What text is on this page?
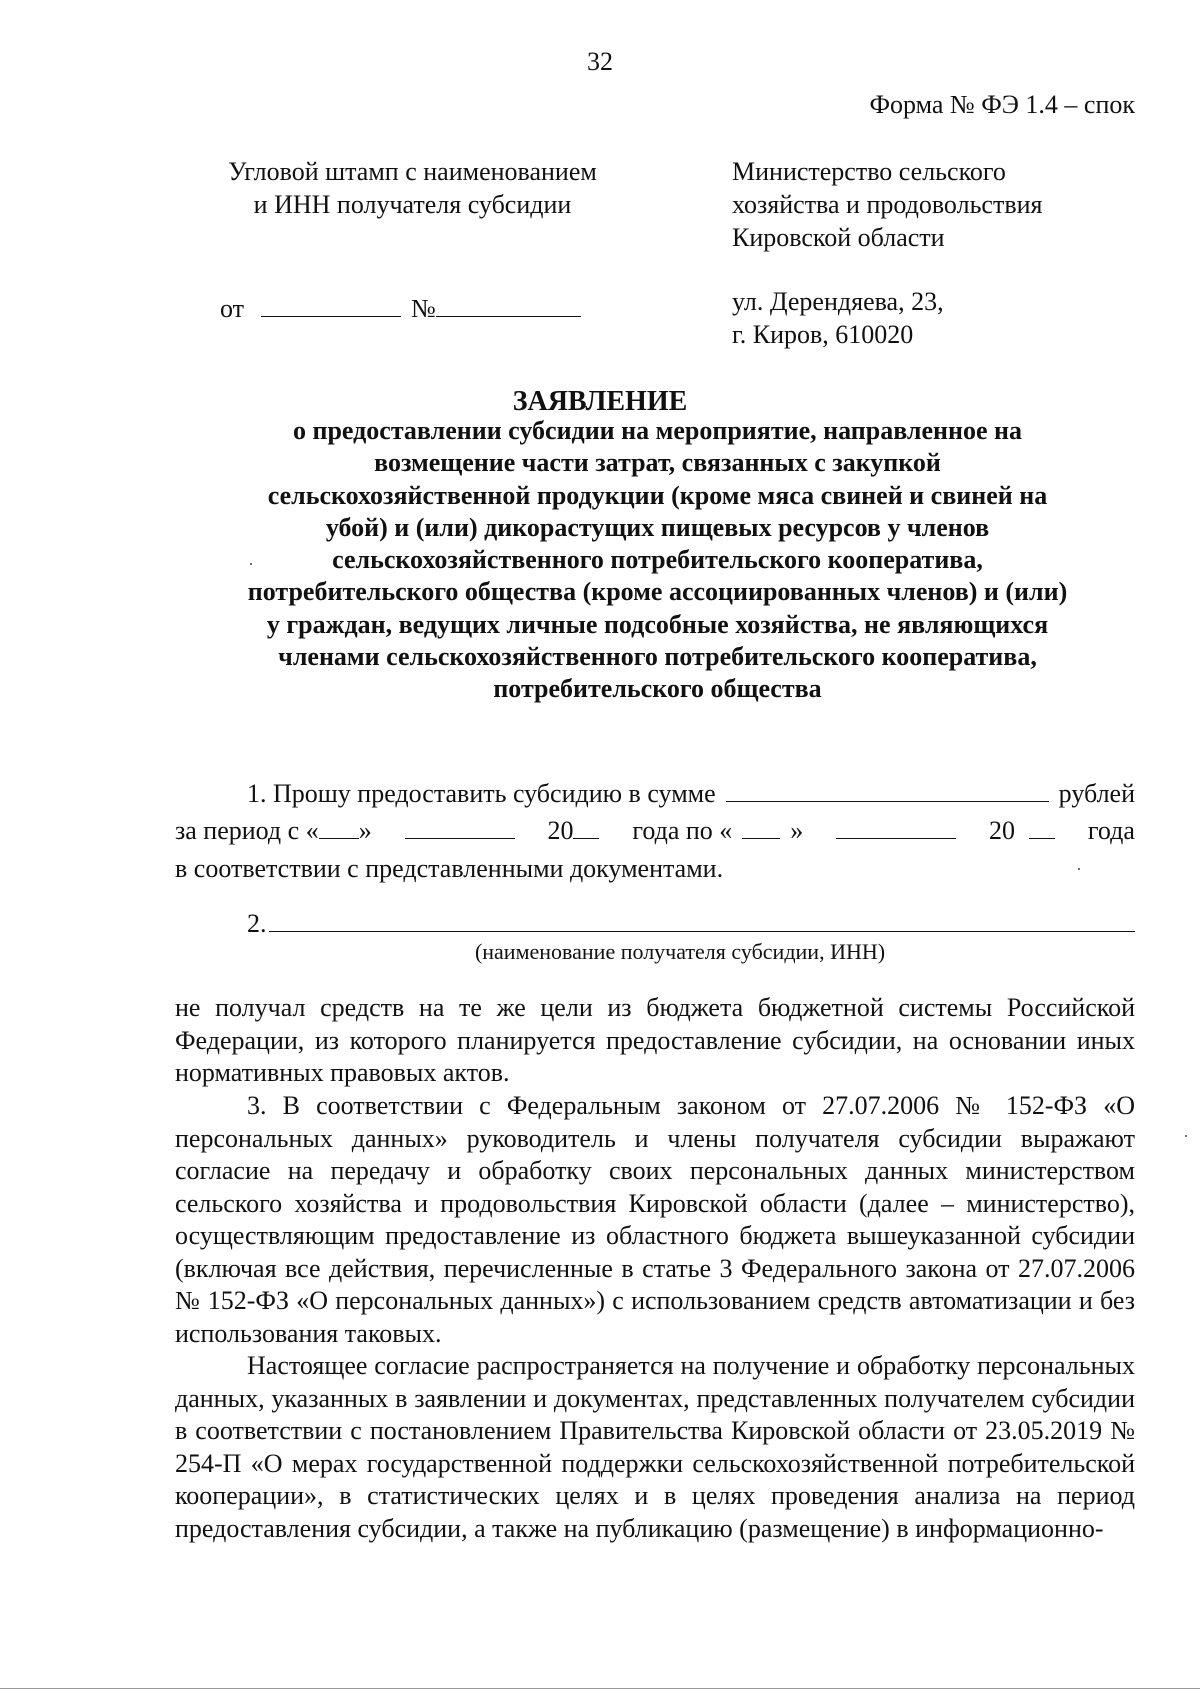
32
Форма № ФЭ 1.4 – спок
Угловой штамп с наименованием
и ИНН получателя субсидии
Министерство сельского
хозяйства и продовольствия
Кировской области
ул. Дерендяева, 23,
г. Киров, 610020
от	№
ЗАЯВЛЕНИЕ
о предоставлении субсидии на мероприятие, направленное на возмещение части затрат, связанных с закупкой сельскохозяйственной продукции (кроме мяса свиней и свиней на убой) и (или) дикорастущих пищевых ресурсов у членов сельскохозяйственного потребительского кооператива, потребительского общества (кроме ассоциированных членов) и (или) у граждан, ведущих личные подсобные хозяйства, не являющихся членами сельскохозяйственного потребительского кооператива, потребительского общества
1. Прошу предоставить субсидию в сумме	рублей
за период с « »	20	года по « »	20	года
в соответствии с представленными документами.
2.
(наименование получателя субсидии, ИНН)
не получал средств на те же цели из бюджета бюджетной системы Российской Федерации, из которого планируется предоставление субсидии, на основании иных нормативных правовых актов.
3. В соответствии с Федеральным законом от 27.07.2006 № 152-ФЗ «О персональных данных» руководитель и члены получателя субсидии выражают согласие на передачу и обработку своих персональных данных министерством сельского хозяйства и продовольствия Кировской области (далее – министерство), осуществляющим предоставление из областного бюджета вышеуказанной субсидии (включая все действия, перечисленные в статье 3 Федерального закона от 27.07.2006 № 152-ФЗ «О персональных данных») с использованием средств автоматизации и без использования таковых.
Настоящее согласие распространяется на получение и обработку персональных данных, указанных в заявлении и документах, представленных получателем субсидии в соответствии с постановлением Правительства Кировской области от 23.05.2019 № 254-П «О мерах государственной поддержки сельскохозяйственной потребительской кооперации», в статистических целях и в целях проведения анализа на период предоставления субсидии, а также на публикацию (размещение) в информационно-
